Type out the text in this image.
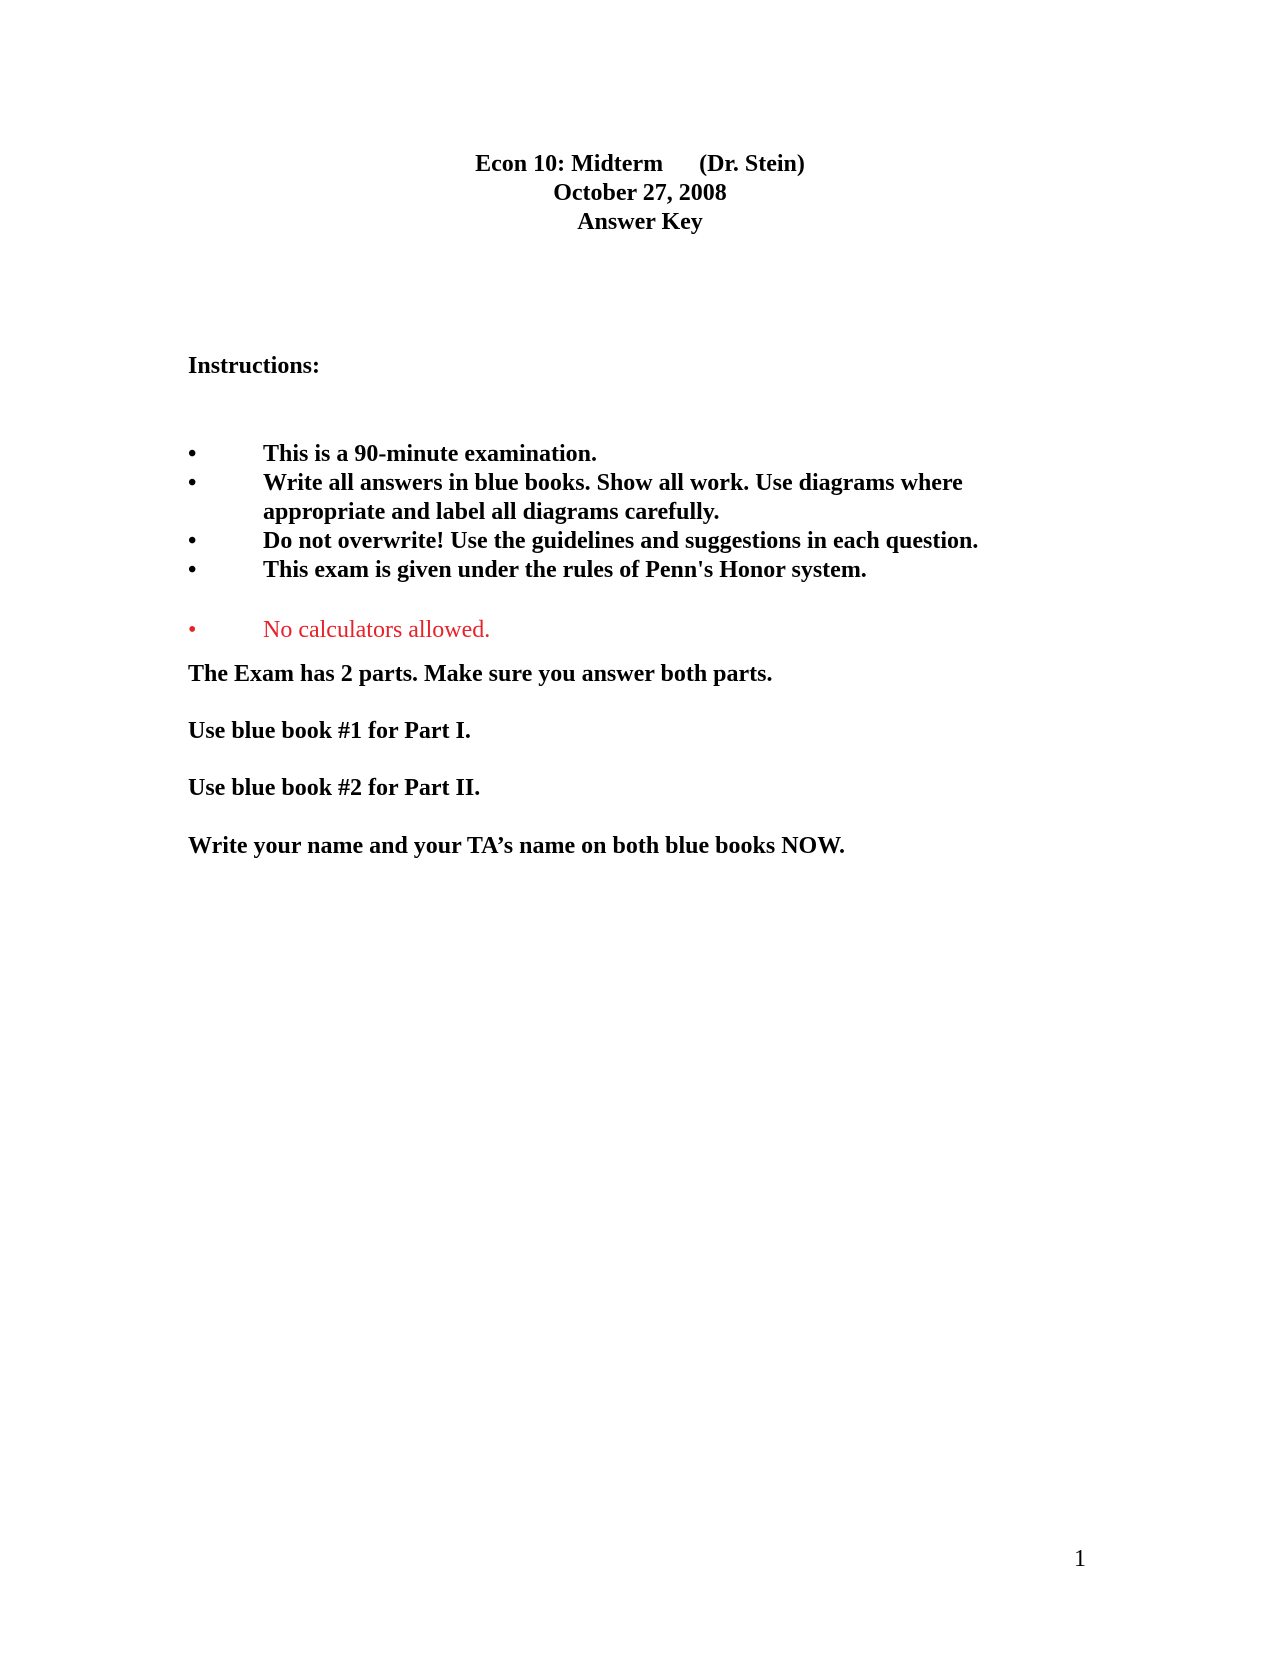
Econ 10: Midterm (Dr. Stein)
October 27, 2008
Answer Key
Instructions:
•	This is a 90-minute examination.
•	Write all answers in blue books. Show all work. Use diagrams where appropriate and label all diagrams carefully.
•	Do not overwrite! Use the guidelines and suggestions in each question.
•	This exam is given under the rules of Penn's Honor system.
•	No calculators allowed.
The Exam has 2 parts. Make sure you answer both parts.
Use blue book #1 for Part I.
Use blue book #2 for Part II.
Write your name and your TA’s name on both blue books NOW.
1
